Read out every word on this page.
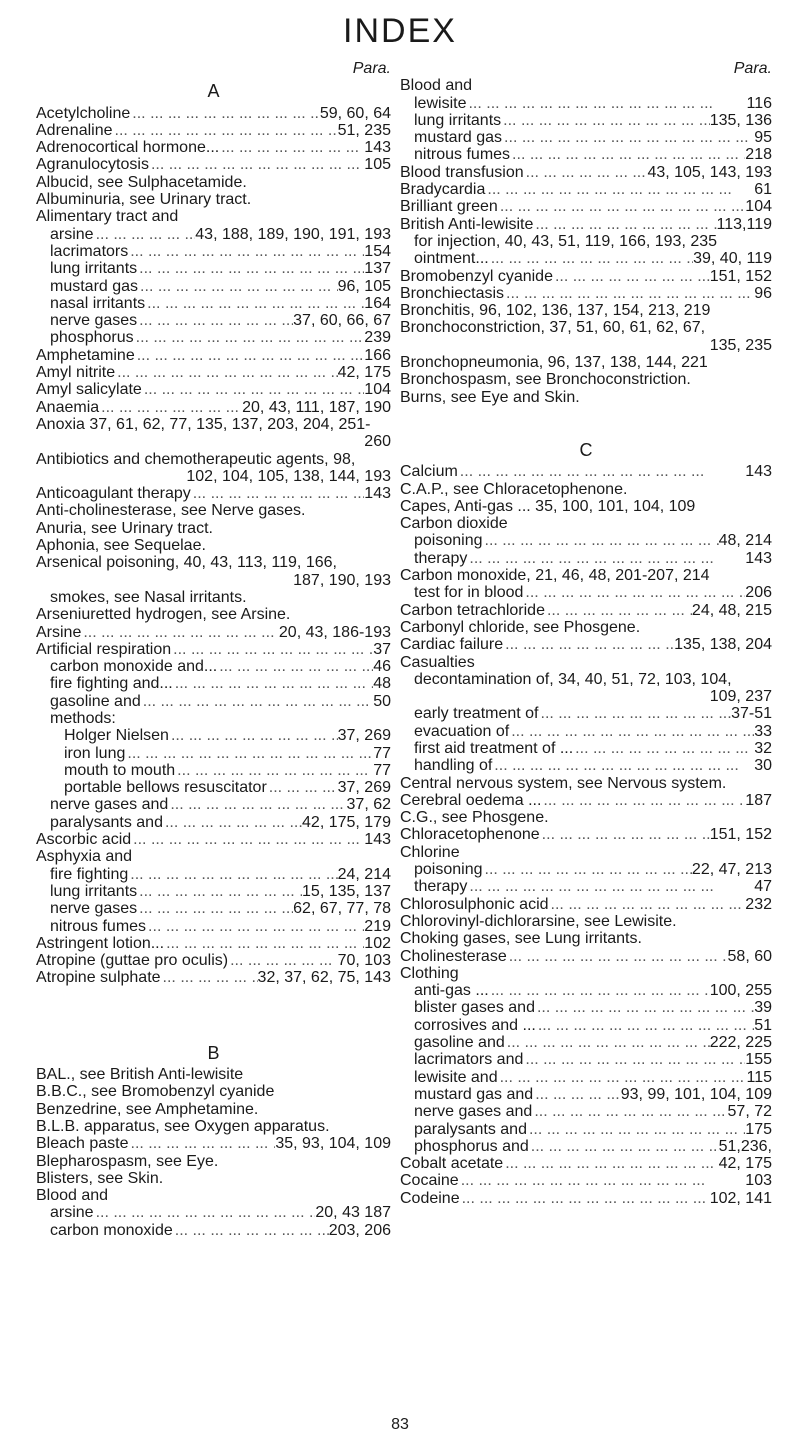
INDEX
Para.
A
Acetylcholine ... .	59, 60, 64
Adrenaline ... .	51, 235
Adrenocortical hormone... ... .	143
Agranulocytosis ... .	105
Albucid, see Sulphacetamide.
Albuminuria, see Urinary tract.
Alimentary tract and
arsine ... .	43, 188, 189, 190, 191, 193
lacrimators ... .	154
lung irritants ... .	137
mustard gas ... .	96, 105
nasal irritants ... .	164
nerve gases ... .	37, 60, 66, 67
phosphorus ... .	239
Amphetamine ... .	166
Amyl nitrite ... .	42, 175
Amyl salicylate ... .	104
Anaemia ... .	20, 43, 111, 187, 190
Anoxia 37, 61, 62, 77, 135, 137, 203, 204, 251-
260
Antibiotics and chemotherapeutic agents, 98,
102, 104, 105, 138, 144, 193
Anticoagulant therapy ... .	143
Anti-cholinesterase, see Nerve gases.
Anuria, see Urinary tract.
Aphonia, see Sequelae.
Arsenical poisoning, 40, 43, 113, 119, 166,
187, 190, 193
smokes, see Nasal irritants.
Arseniuretted hydrogen, see Arsine.
Arsine ... .	20, 43, 186-193
Artificial respiration ... .	37
carbon monoxide and... ... .	46
fire fighting and... ... .	48
gasoline and ... .	50
methods:
Holger Nielsen ... .	37, 269
iron lung ... .	77
mouth to mouth ... .	77
portable bellows resuscitator ... .	37, 269
nerve gases and ... .	37, 62
paralysants and ... .	42, 175, 179
Ascorbic acid ... .	143
Asphyxia and
fire fighting ... .	24, 214
lung irritants ... .	15, 135, 137
nerve gases ... .	62, 67, 77, 78
nitrous fumes ... .	219
Astringent lotion... ... .	102
Atropine (guttae pro oculis) ... .	70, 103
Atropine sulphate ... .	32, 37, 62, 75, 143
B
BAL., see British Anti-lewisite
B.B.C., see Bromobenzyl cyanide
Benzedrine, see Amphetamine.
B.L.B. apparatus, see Oxygen apparatus.
Bleach paste ... .	35, 93, 104, 109
Blepharospasm, see Eye.
Blisters, see Skin.
Blood and
arsine ... .	20, 43 187
carbon monoxide ... .	203, 206
Para.
Blood and
lewisite ... .	116
lung irritants ... .	135, 136
mustard gas ... .	95
nitrous fumes ... .	218
Blood transfusion ... .	43, 105, 143, 193
Bradycardia ... .	61
Brilliant green ... .	104
British Anti-lewisite ... .	113,119
for injection, 40, 43, 51, 119, 166, 193, 235
ointment... ... .	39, 40, 119
Bromobenzyl cyanide ... .	151, 152
Bronchiectasis ... .	96
Bronchitis, 96, 102, 136, 137, 154, 213, 219
Bronchoconstriction, 37, 51, 60, 61, 62, 67,
135, 235
Bronchopneumonia, 96, 137, 138, 144, 221
Bronchospasm, see Bronchoconstriction.
Burns, see Eye and Skin.
C
Calcium ... .	143
C.A.P., see Chloracetophenone.
Capes, Anti-gas ... 35, 100, 101, 104, 109
Carbon dioxide
poisoning ... .	48, 214
therapy ... .	143
Carbon monoxide, 21, 46, 48, 201-207, 214
test for in blood ... .	206
Carbon tetrachloride ... .	24, 48, 215
Carbonyl chloride, see Phosgene.
Cardiac failure ... .	135, 138, 204
Casualties
decontamination of, 34, 40, 51, 72, 103, 104,
109, 237
early treatment of ... .	37-51
evacuation of ... .	33
first aid treatment of ... ... .	32
handling of ... .	30
Central nervous system, see Nervous system.
Cerebral oedema ... ... .	187
C.G., see Phosgene.
Chloracetophenone ... .	151, 152
Chlorine
poisoning ... .	22, 47, 213
therapy ... .	47
Chlorosulphonic acid ... .	232
Chlorovinyl-dichlorarsine, see Lewisite.
Choking gases, see Lung irritants.
Cholinesterase ... .	58, 60
Clothing
anti-gas ... ... .	100, 255
blister gases and ... .	39
corrosives and ... ... .	51
gasoline and ... .	222, 225
lacrimators and ... .	155
lewisite and ... .	115
mustard gas and ... .	93, 99, 101, 104, 109
nerve gases and ... .	57, 72
paralysants and ... .	175
phosphorus and ... .	51,236,
Cobalt acetate ... .	42, 175
Cocaine ... .	103
Codeine ... .	102, 141
83
